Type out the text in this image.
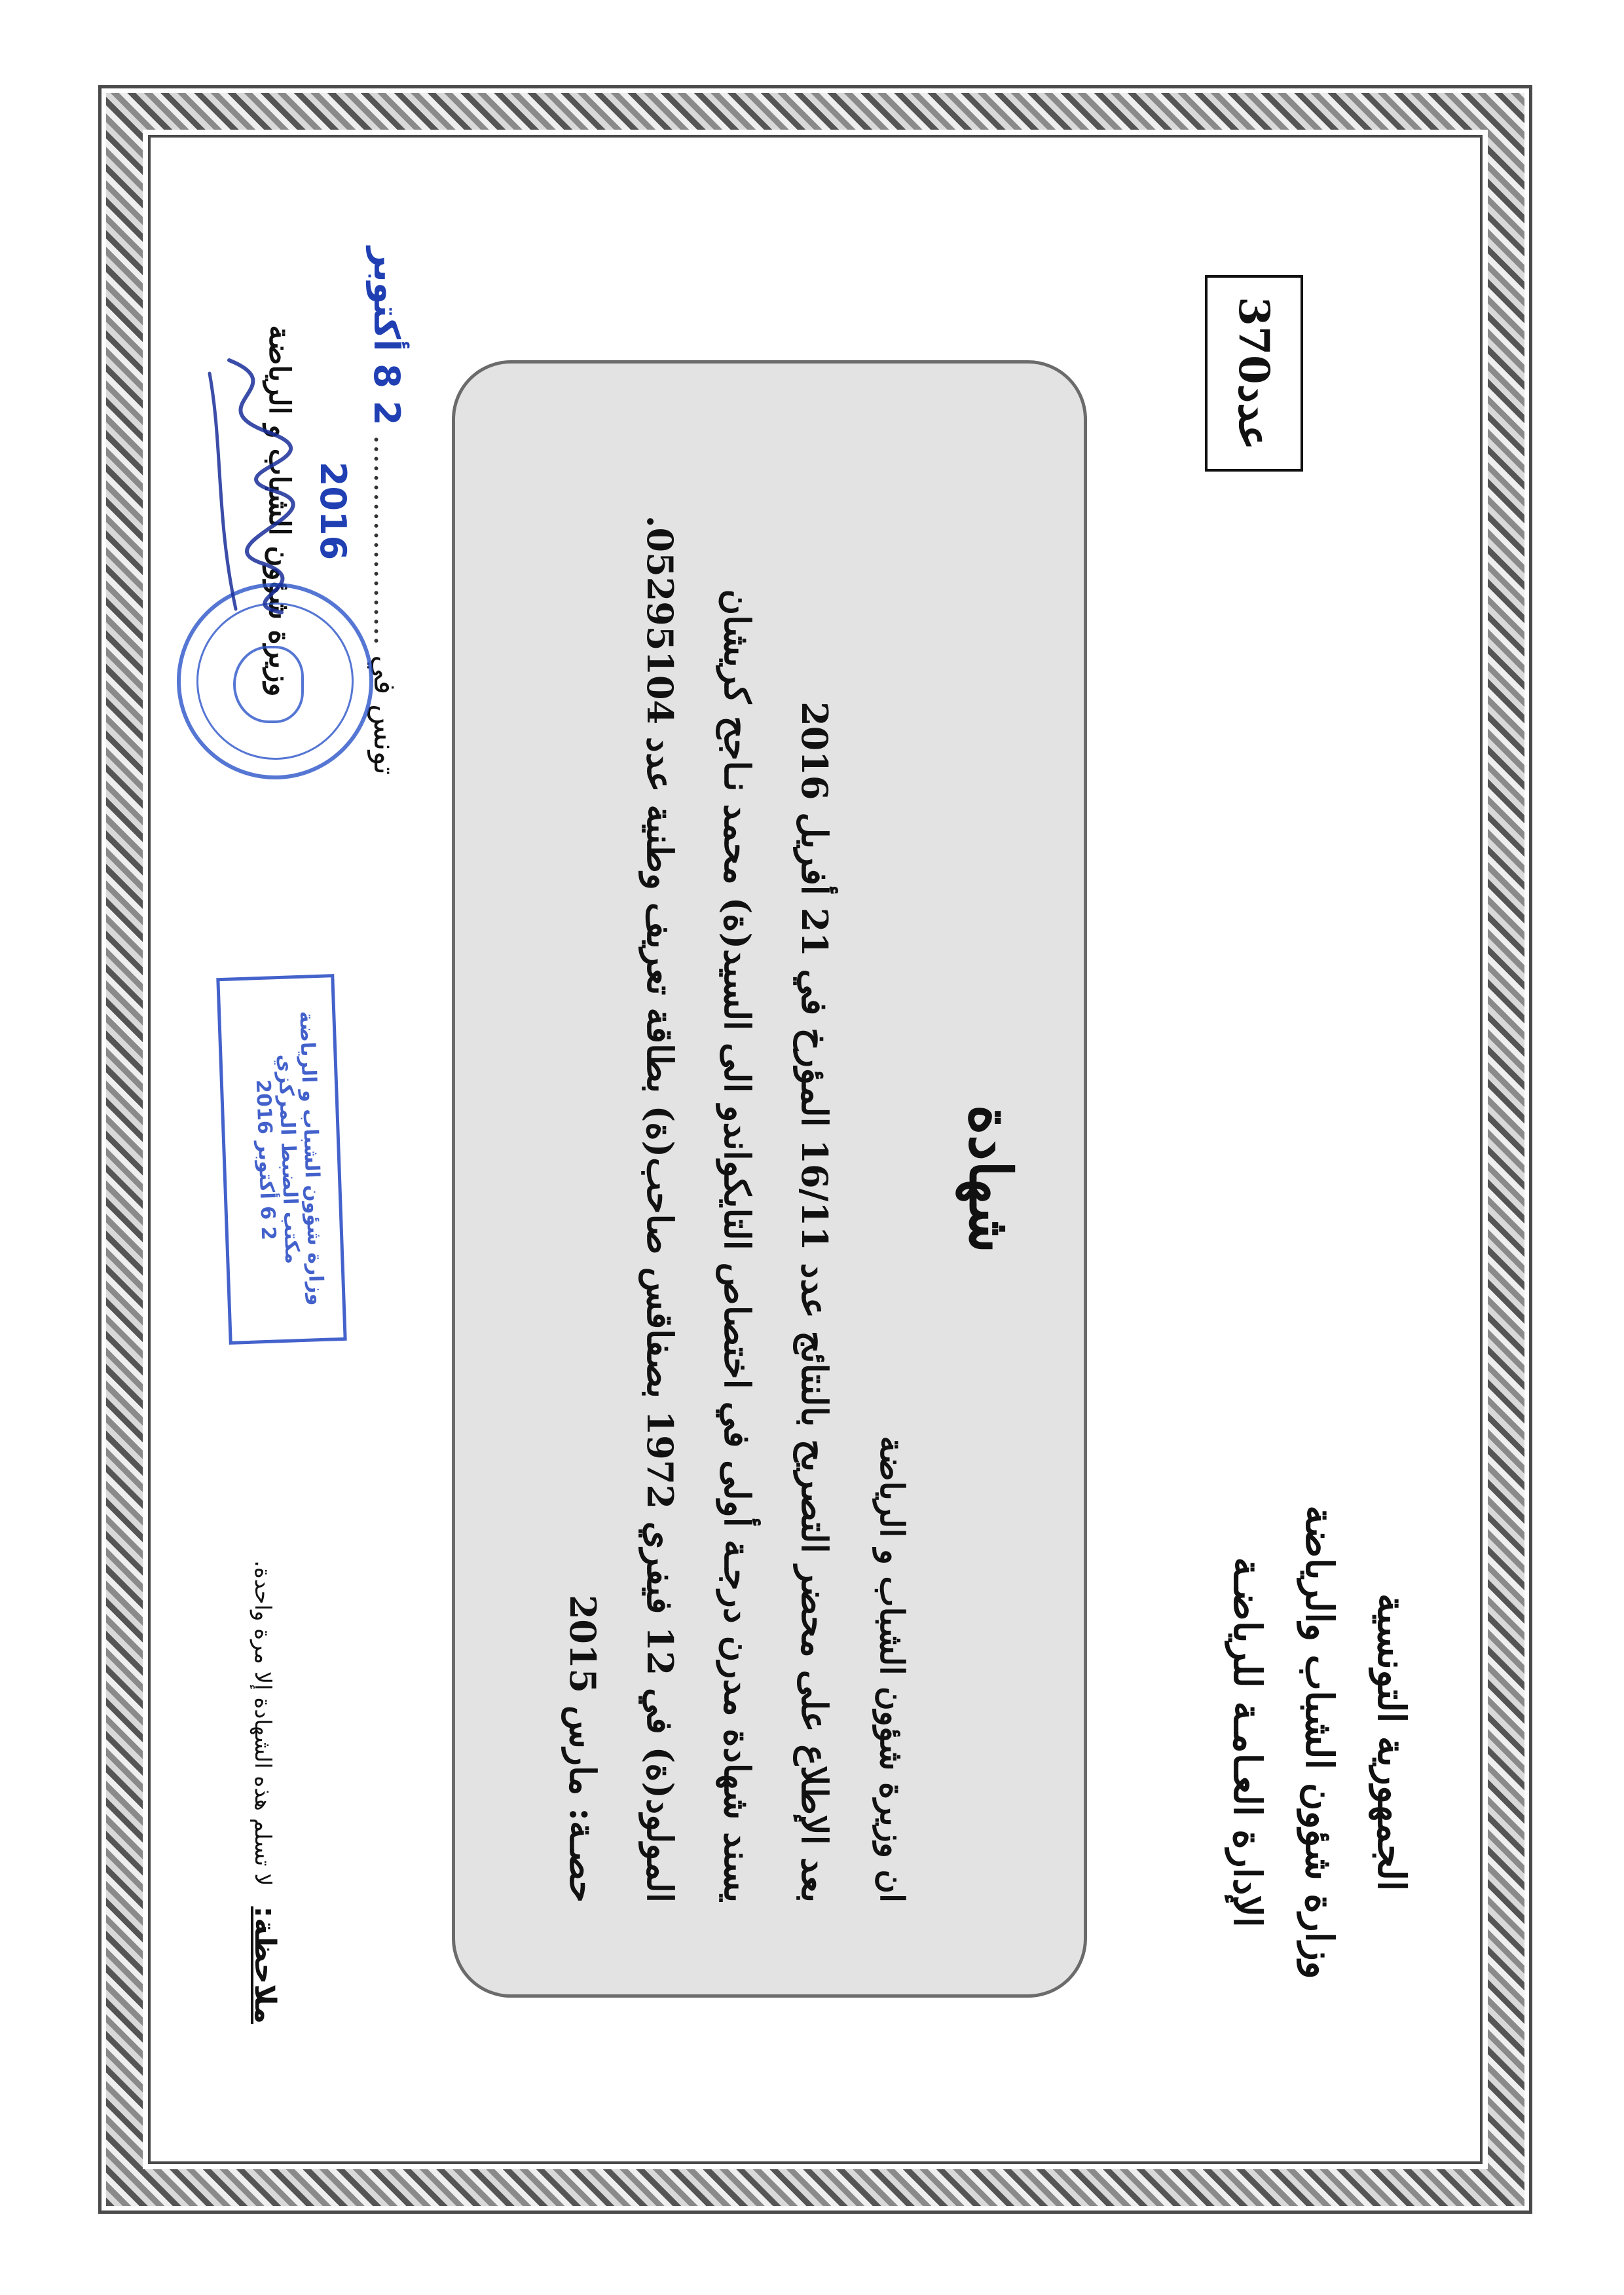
الجمهورية التونسية
وزارة شؤون الشباب والرياضة
الإدارة العـامـة للرياضـة
عدد370
شهادة
ان وزيرة شؤون الشباب و الرياضة
بعد الإطلاع على محضر التصريح بالنتائج عدد 16/11 المؤرخ في 21 أفريل 2016
يسند شهادة مدرن درجـة أولى في اختصاص التايكواندو الى السيد(ة) محمد نـاجح كريشان
المولود(ة) في 12 فيفري 1972 بصفاقس صاحب(ة) بطاقة تعريف وطنية عدد 05295104.
حصـة: مارس 2015
تونس في ...................... 2 8 أكتوبر 2016
وزيرة شؤون الشباب و الرياضة
وزارة شؤون الشباب و الرياضة
مكتب الضبط المركزي
2 6 أكتوبر 2016
ملاحظة: لا تسلم هذه الشهادة إلا مرة واحدة.
